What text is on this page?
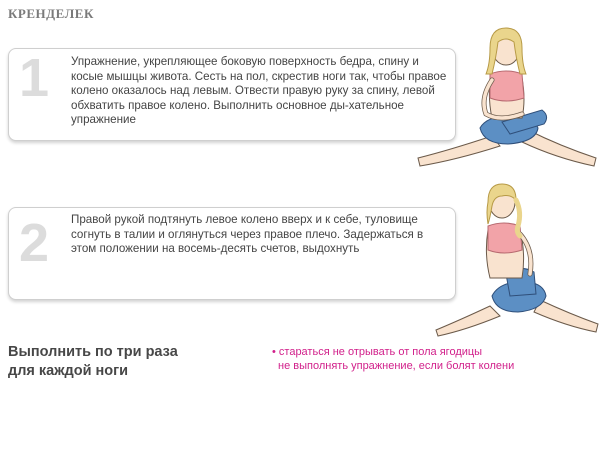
КРЕНДЕЛЕК
1 Упражнение, укрепляющее боковую поверхность бедра, спину и косые мышцы живота. Сесть на пол, скрестив ноги так, чтобы правое колено оказалось над левым. Отвести правую руку за спину, левой обхватить правое колено. Выполнить основное ды-хательное упражнение
2 Правой рукой подтянуть левое колено вверх и к себе, туловище согнуть в талии и оглянуться через правое плечо. Задержаться в этом положении на восемь-десять счетов, выдохнуть
Выполнить по три раза
для каждой ноги
• стараться не отрывать от пола ягодицы
не выполнять упражнение, если болят колени
